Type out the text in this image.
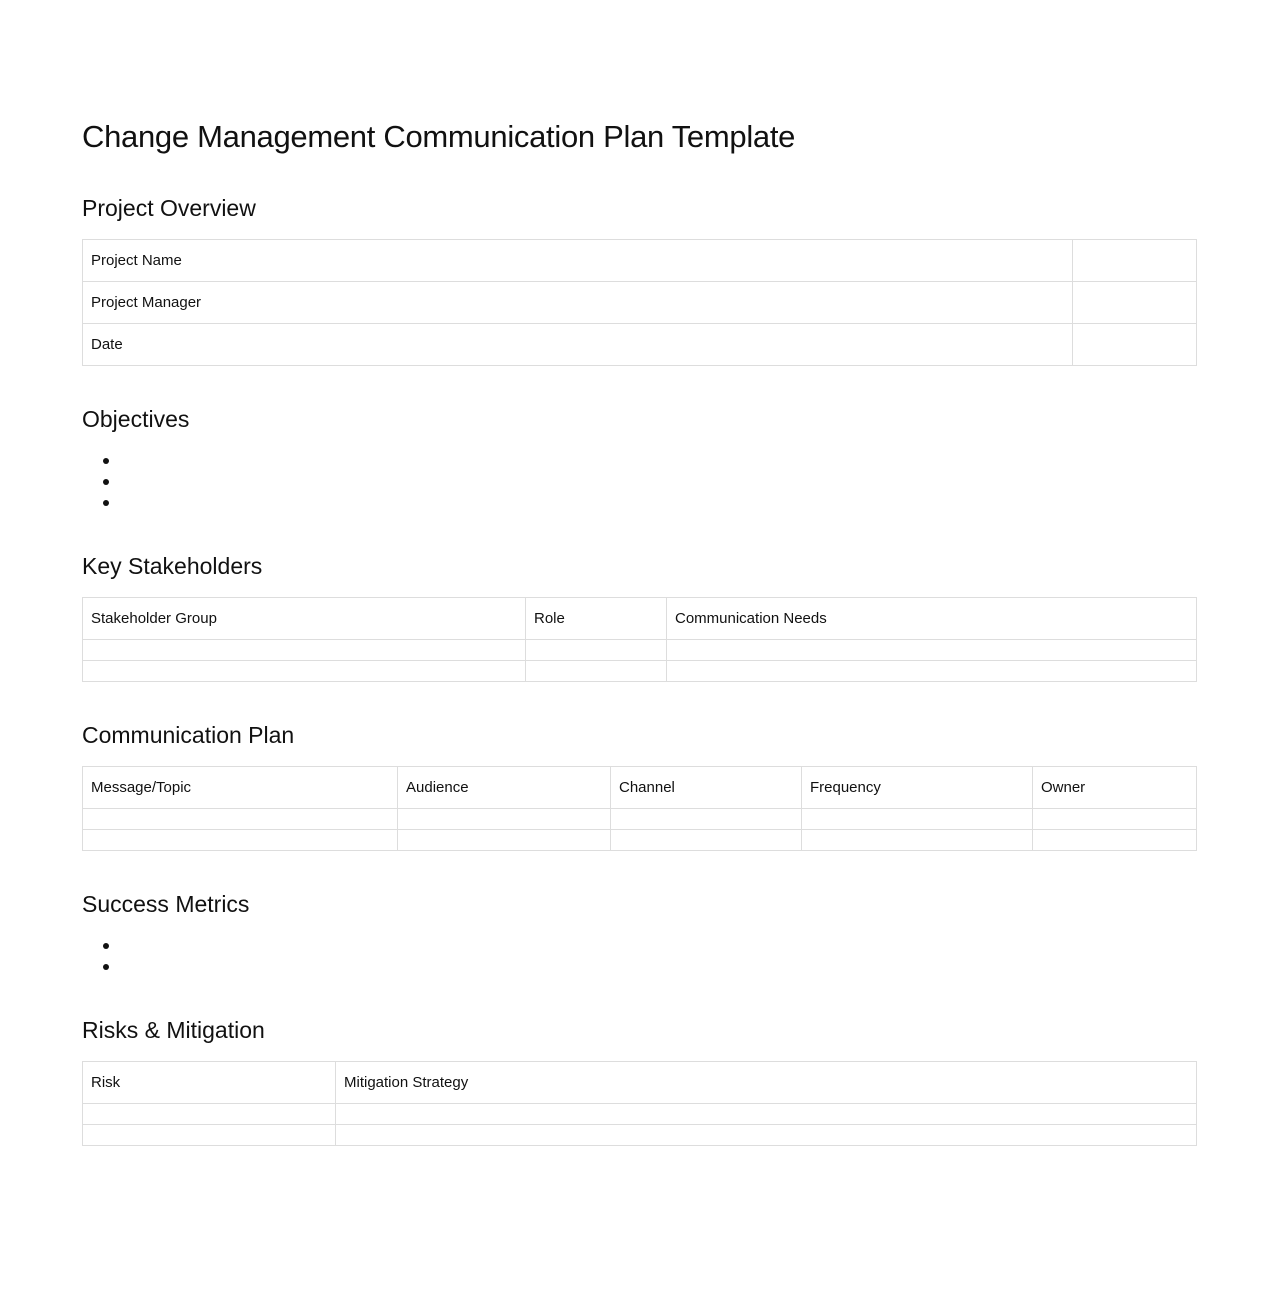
Change Management Communication Plan Template
Project Overview
Project Name	
Project Manager	
Date	
Objectives
Key Stakeholders
Stakeholder Group	Role	Communication Needs

Communication Plan
Message/Topic	Audience	Channel	Frequency	Owner

Success Metrics
Risks & Mitigation
Risk	Mitigation Strategy
